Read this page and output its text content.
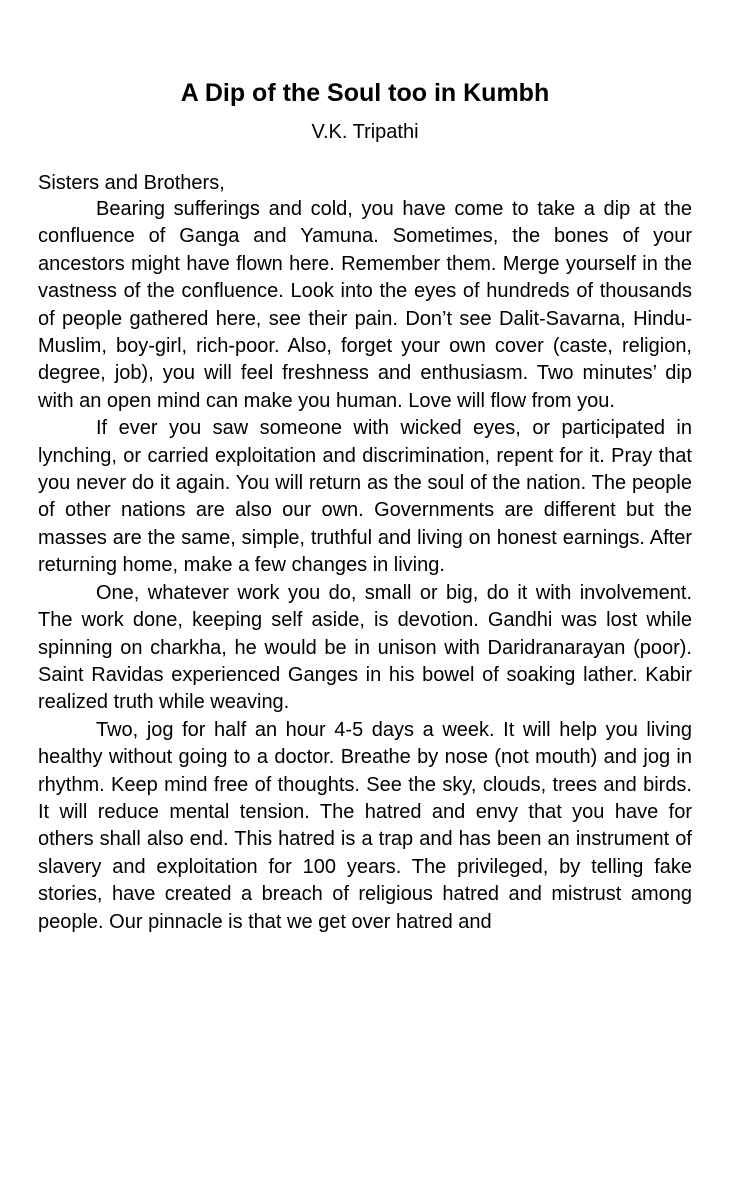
A Dip of the Soul too in Kumbh

V.K. Tripathi

Sisters and Brothers,

Bearing sufferings and cold, you have come to take a dip at the confluence of Ganga and Yamuna. Sometimes, the bones of your ancestors might have flown here. Remember them. Merge yourself in the vastness of the confluence. Look into the eyes of hundreds of thousands of people gathered here, see their pain. Don’t see Dalit-Savarna, Hindu-Muslim, boy-girl, rich-poor. Also, forget your own cover (caste, religion, degree, job), you will feel freshness and enthusiasm. Two minutes’ dip with an open mind can make you human. Love will flow from you.

If ever you saw someone with wicked eyes, or participated in lynching, or carried exploitation and discrimination, repent for it. Pray that you never do it again. You will return as the soul of the nation. The people of other nations are also our own. Governments are different but the masses are the same, simple, truthful and living on honest earnings. After returning home, make a few changes in living.

One, whatever work you do, small or big, do it with involvement. The work done, keeping self aside, is devotion. Gandhi was lost while spinning on charkha, he would be in unison with Daridranarayan (poor). Saint Ravidas experienced Ganges in his bowel of soaking lather. Kabir realized truth while weaving.

Two, jog for half an hour 4-5 days a week. It will help you living healthy without going to a doctor. Breathe by nose (not mouth) and jog in rhythm. Keep mind free of thoughts. See the sky, clouds, trees and birds. It will reduce mental tension. The hatred and envy that you have for others shall also end. This hatred is a trap and has been an instrument of slavery and exploitation for 100 years. The privileged, by telling fake stories, have created a breach of religious hatred and mistrust among people. Our pinnacle is that we get over hatred and
